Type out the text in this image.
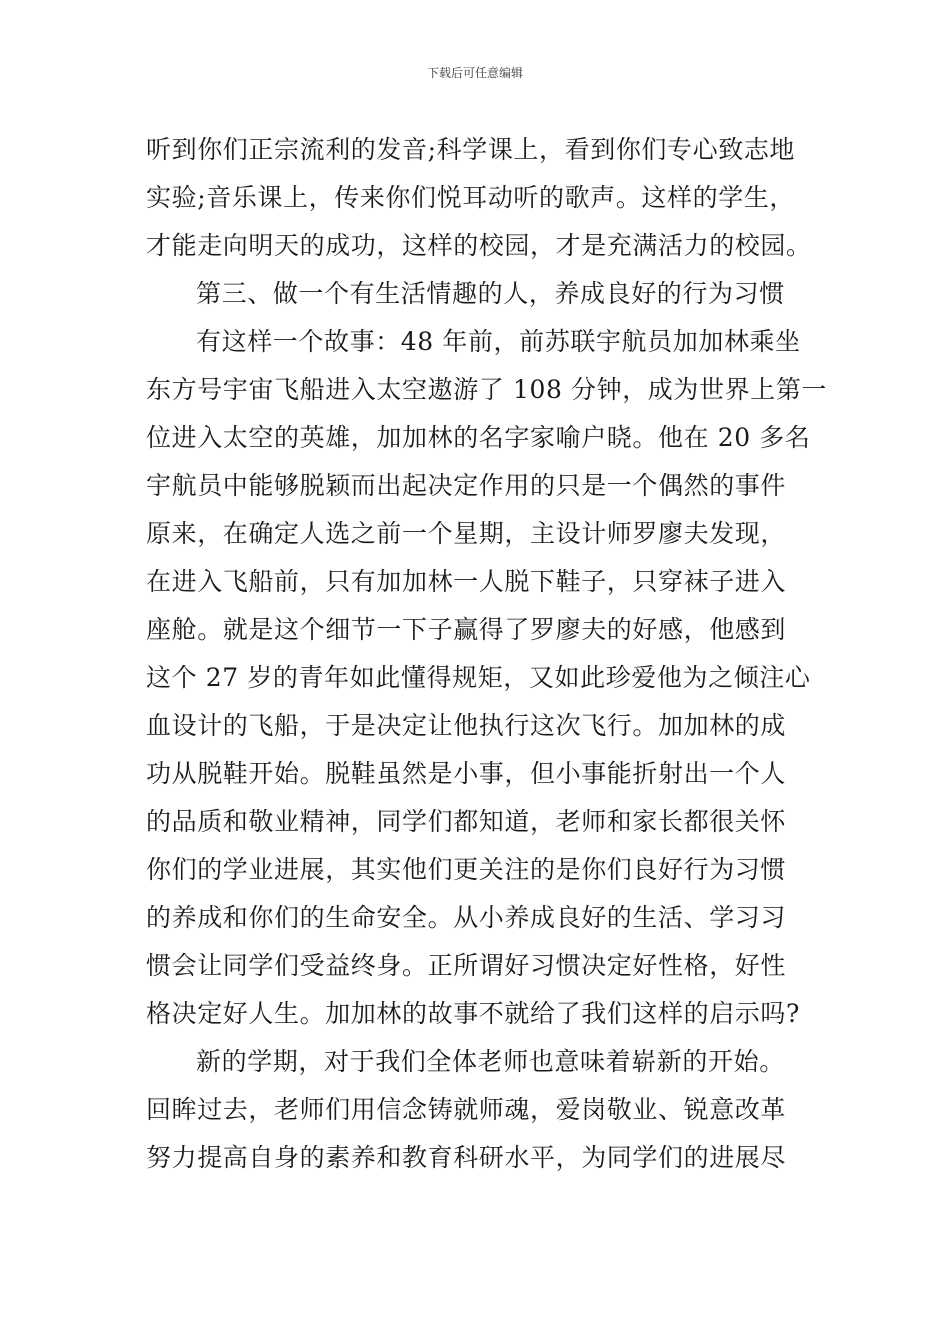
下载后可任意编辑
听到你们正宗流利的发音;科学课上，看到你们专心致志地
实验;音乐课上，传来你们悦耳动听的歌声。这样的学生，
才能走向明天的成功，这样的校园，才是充满活力的校园。
第三、做一个有生活情趣的人，养成良好的行为习惯
有这样一个故事：48 年前，前苏联宇航员加加林乘坐
东方号宇宙飞船进入太空遨游了 108 分钟，成为世界上第一
位进入太空的英雄，加加林的名字家喻户晓。他在 20 多名
宇航员中能够脱颖而出起决定作用的只是一个偶然的事件
原来，在确定人选之前一个星期，主设计师罗廖夫发现，
在进入飞船前，只有加加林一人脱下鞋子，只穿袜子进入
座舱。就是这个细节一下子赢得了罗廖夫的好感，他感到
这个 27 岁的青年如此懂得规矩，又如此珍爱他为之倾注心
血设计的飞船，于是决定让他执行这次飞行。加加林的成
功从脱鞋开始。脱鞋虽然是小事，但小事能折射出一个人
的品质和敬业精神，同学们都知道，老师和家长都很关怀
你们的学业进展，其实他们更关注的是你们良好行为习惯
的养成和你们的生命安全。从小养成良好的生活、学习习
惯会让同学们受益终身。正所谓好习惯决定好性格，好性
格决定好人生。加加林的故事不就给了我们这样的启示吗?
新的学期，对于我们全体老师也意味着崭新的开始。
回眸过去，老师们用信念铸就师魂，爱岗敬业、锐意改革
努力提高自身的素养和教育科研水平，为同学们的进展尽
